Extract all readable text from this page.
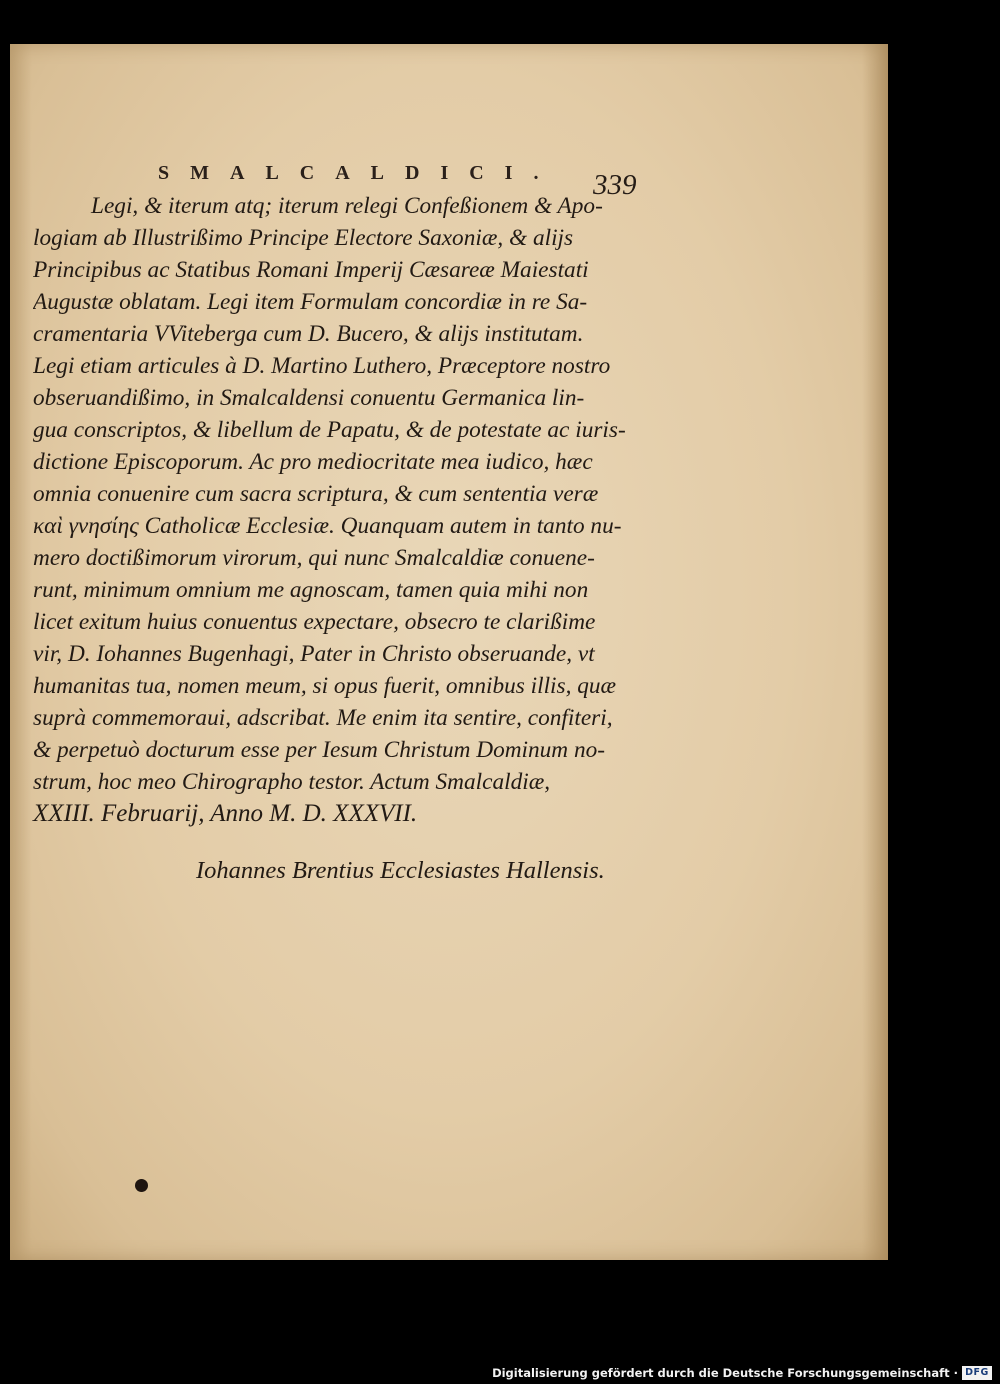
SMALCALDICI. 339
Legi, & iterum atq; iterum relegi Confeßionem & Apo-
logiam ab Illustrißimo Principe Electore Saxoniæ, & alijs
Principibus ac Statibus Romani Imperij Cæsareæ Maiestati
Augustæ oblatam. Legi item Formulam concordiæ in re Sa-
cramentaria VViteberga cum D. Bucero, & alijs institutam.
Legi etiam articules à D. Martino Luthero, Præceptore nostro
obseruandißimo, in Smalcaldensi conuentu Germanica lin-
gua conscriptos, & libellum de Papatu, & de potestate ac iuris-
dictione Episcoporum. Ac pro mediocritate mea iudico, hæc
omnia conuenire cum sacra scriptura, & cum sententia veræ
καὶ γνησίης Catholicæ Ecclesiæ. Quanquam autem in tanto nu-
mero doctißimorum virorum, qui nunc Smalcaldiæ conuene-
runt, minimum omnium me agnoscam, tamen quia mihi non
licet exitum huius conuentus expectare, obsecro te clarißime
vir, D. Iohannes Bugenhagi, Pater in Christo obseruande, vt
humanitas tua, nomen meum, si opus fuerit, omnibus illis, quæ
suprà commemoraui, adscribat. Me enim ita sentire, confiteri,
& perpetuò docturum esse per Iesum Christum Dominum no-
strum, hoc meo Chirographo testor. Actum Smalcaldiæ,
XXIII. Februarij, Anno M. D. XXXVII.
Iohannes Brentius Ecclesiastes Hallensis.
Digitalisierung gefördert durch die Deutsche Forschungsgemeinschaft · DFG
